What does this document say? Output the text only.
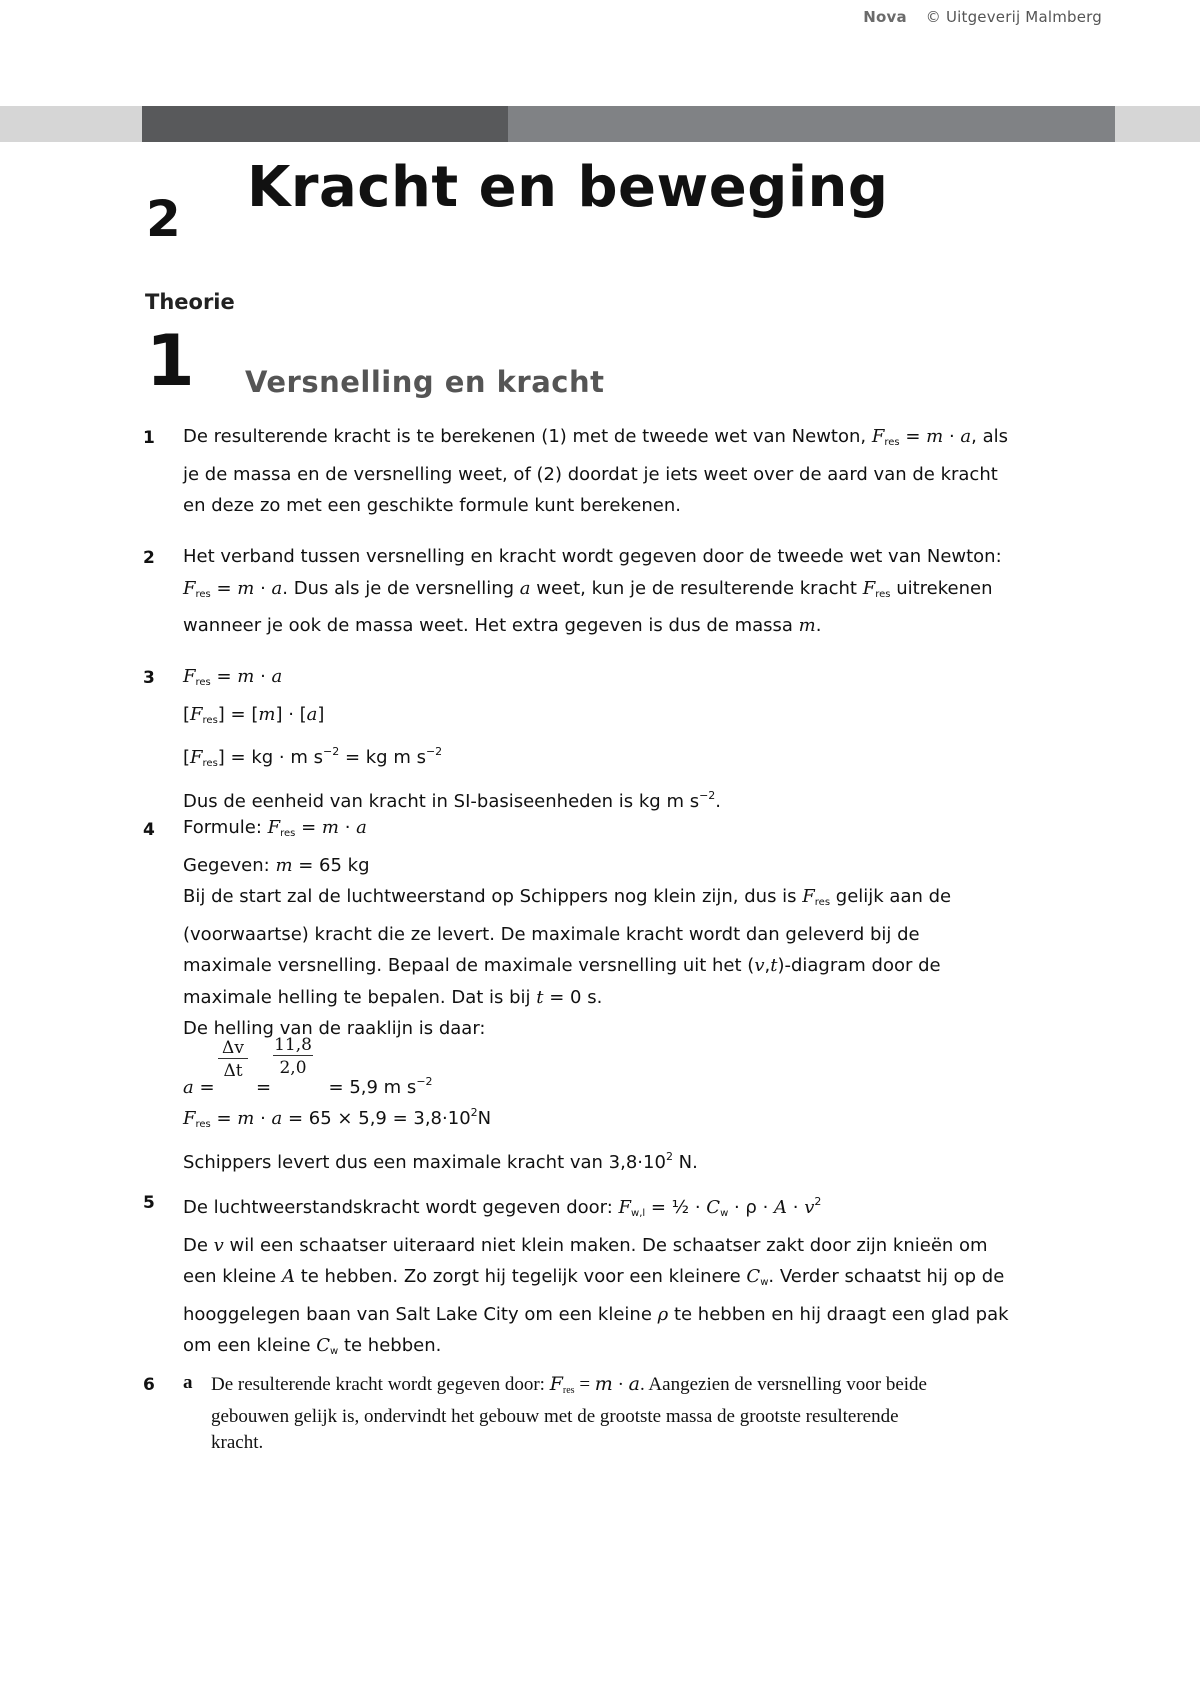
Nova © Uitgeverij Malmberg
2 Kracht en beweging
Theorie
1 Versnelling en kracht
1 De resulterende kracht is te berekenen (1) met de tweede wet van Newton, $F_{res} = m \cdot a$, als
je de massa en de versnelling weet, of (2) doordat je iets weet over de aard van de kracht
en deze zo met een geschikte formule kunt berekenen.
2 Het verband tussen versnelling en kracht wordt gegeven door de tweede wet van Newton:
$F_{res} = m \cdot a$. Dus als je de versnelling a weet, kun je de resulterende kracht $F_{res}$ uitrekenen
wanneer je ook de massa weet. Het extra gegeven is dus de massa m.
3 $F_{res} = m \cdot a$
$[F_{res}] = [m] \cdot [a]$
$[F_{res}]$ = kg · m $s^{-2}$ = kg m $s^{-2}$
Dus de eenheid van kracht in SI-basiseenheden is kg m $s^{-2}$.
4 Formule: $F_{res} = m \cdot a$
Gegeven: m = 65 kg
Bij de start zal de luchtweerstand op Schippers nog klein zijn, dus is $F_{res}$ gelijk aan de
(voorwaartse) kracht die ze levert. De maximale kracht wordt dan geleverd bij de
maximale versnelling. Bepaal de maximale versnelling uit het (v,t)-diagram door de
maximale helling te bepalen. Dat is bij t = 0 s.
De helling van de raaklijn is daar:
$\frac{\Delta v}{\Delta t} \frac{11,8}{2,0}$
a =  =	= 5,9 m $s^{-2}$
$F_{res} = m \cdot a = 65 \times 5,9 = 3,8\cdot 10^2N$
Schippers levert dus een maximale kracht van $3,8\cdot 10^2$ N.
5 De luchtweerstandskracht wordt gegeven door: $F_{w,l}$ = ½ · $C_w \cdot \rho \cdot A \cdot v^2$
De v wil een schaatser uiteraard niet klein maken. De schaatser zakt door zijn knieën om
een kleine A te hebben. Zo zorgt hij tegelijk voor een kleinere $C_w$. Verder schaatst hij op de
hooggelegen baan van Salt Lake City om een kleine ρ te hebben en hij draagt een glad pak
om een kleine $C_w$ te hebben.
6 a De resulterende kracht wordt gegeven door: $F_{res} = m \cdot a$. Aangezien de versnelling voor beide
gebouwen gelijk is, ondervindt het gebouw met de grootste massa de grootste resulterende
kracht.
